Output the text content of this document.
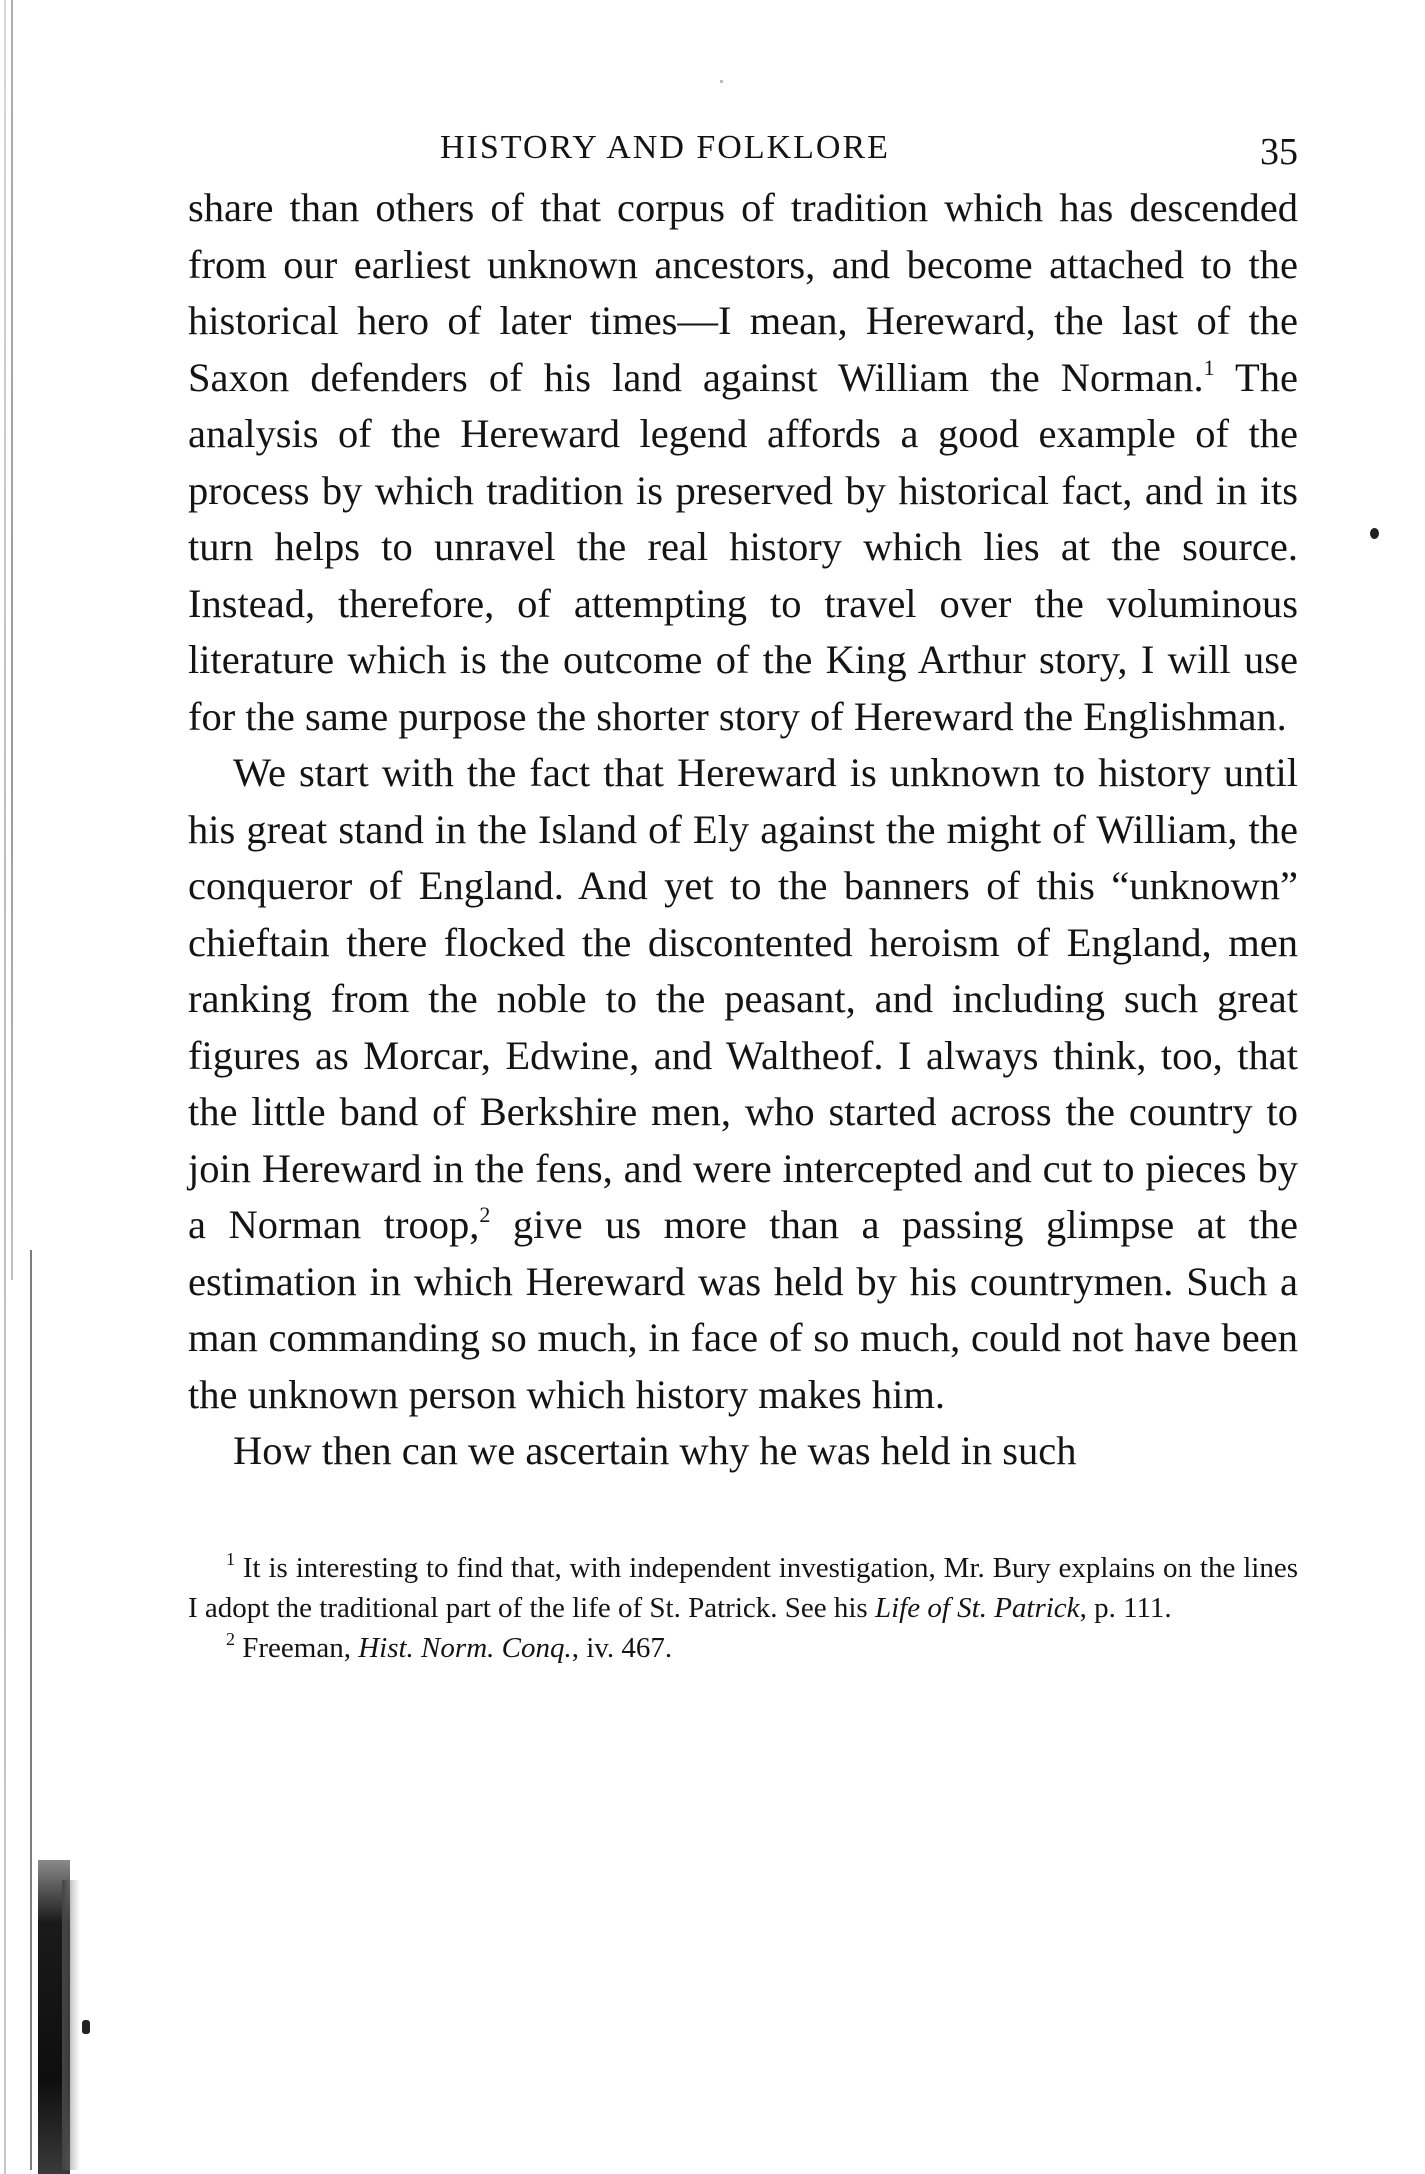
HISTORY AND FOLKLORE	35

share than others of that corpus of tradition which has descended from our earliest unknown ancestors, and become attached to the historical hero of later times—I mean, Hereward, the last of the Saxon defenders of his land against William the Norman.$^1$ The analysis of the Hereward legend affords a good example of the process by which tradition is preserved by historical fact, and in its turn helps to unravel the real history which lies at the source. Instead, therefore, of attempting to travel over the voluminous literature which is the outcome of the King Arthur story, I will use for the same purpose the shorter story of Hereward the Englishman.

We start with the fact that Hereward is unknown to history until his great stand in the Island of Ely against the might of William, the conqueror of England. And yet to the banners of this “unknown” chieftain there flocked the discontented heroism of England, men ranking from the noble to the peasant, and including such great figures as Morcar, Edwine, and Waltheof. I always think, too, that the little band of Berkshire men, who started across the country to join Hereward in the fens, and were intercepted and cut to pieces by a Norman troop,$^2$ give us more than a passing glimpse at the estimation in which Hereward was held by his countrymen. Such a man commanding so much, in face of so much, could not have been the unknown person which history makes him.

How then can we ascertain why he was held in such

$^1$ It is interesting to find that, with independent investigation, Mr. Bury explains on the lines I adopt the traditional part of the life of St. Patrick. See his Life of St. Patrick, p. 111.

$^2$ Freeman, Hist. Norm. Conq., iv. 467.
